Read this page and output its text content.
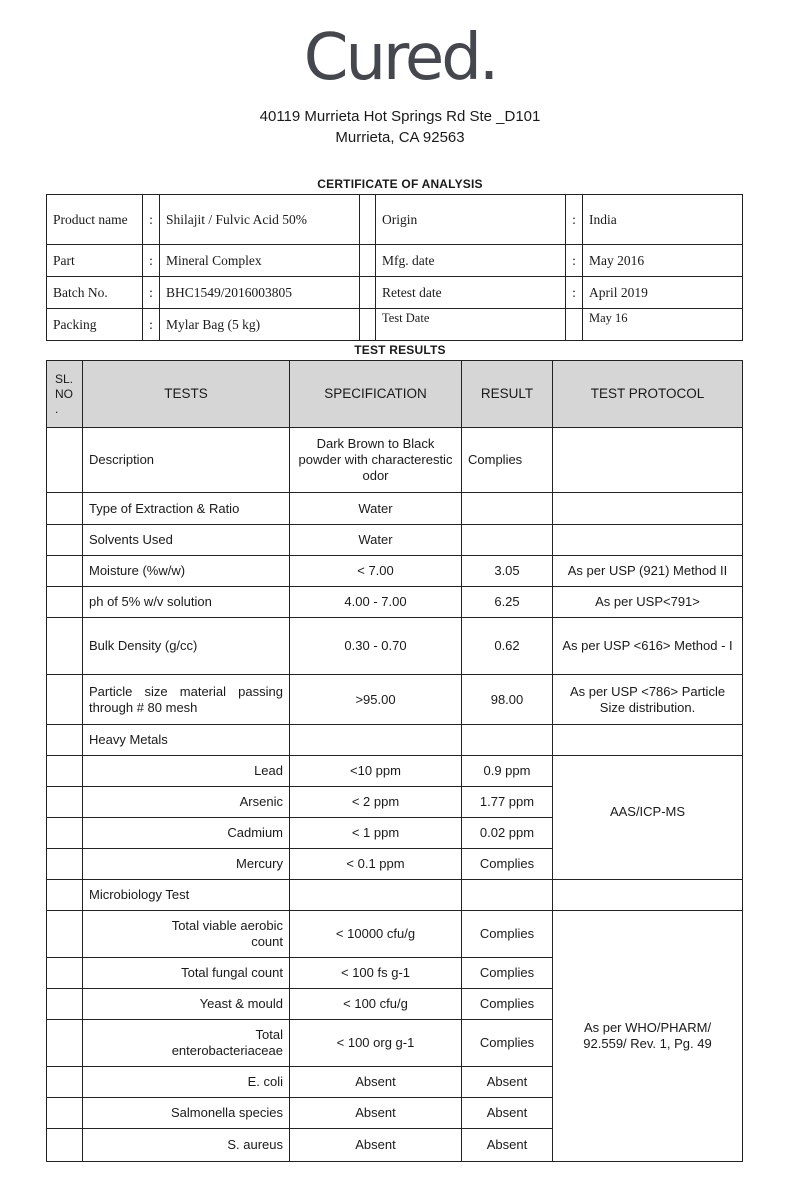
Cured.
40119 Murrieta Hot Springs Rd Ste _D101
Murrieta, CA 92563
CERTIFICATE OF ANALYSIS
Product name	:	Shilajit / Fulvic Acid 50%		Origin	:	India
Part	:	Mineral Complex		Mfg. date	:	May 2016
Batch No.	:	BHC1549/2016003805		Retest date	:	April 2019
Packing	:	Mylar Bag (5 kg)		Test Date		May 16
TEST RESULTS
SL. NO .	TESTS	SPECIFICATION	RESULT	TEST PROTOCOL
	Description	Dark Brown to Black powder with characterestic odor	Complies	
	Type of Extraction & Ratio	Water		
	Solvents Used	Water		
	Moisture (%w/w)	< 7.00	3.05	As per USP (921) Method II
	ph of 5% w/v solution	4.00 - 7.00	6.25	As per USP<791>
	Bulk Density (g/cc)	0.30 - 0.70	0.62	As per USP <616> Method - I
	Particle size material passing through # 80 mesh	>95.00	98.00	As per USP <786> Particle Size distribution.
	Heavy Metals			
	Lead	<10 ppm	0.9 ppm	AAS/ICP-MS
	Arsenic	< 2 ppm	1.77 ppm	
	Cadmium	< 1 ppm	0.02 ppm	
	Mercury	< 0.1 ppm	Complies	
	Microbiology Test			
	Total viable aerobic count	< 10000 cfu/g	Complies	As per WHO/PHARM/ 92.559/ Rev. 1, Pg. 49
	Total fungal count	< 100 fs g-1	Complies	
	Yeast & mould	< 100 cfu/g	Complies	
	Total enterobacteriaceae	< 100 org g-1	Complies	
	E. coli	Absent	Absent	
	Salmonella species	Absent	Absent	
	S. aureus	Absent	Absent	
